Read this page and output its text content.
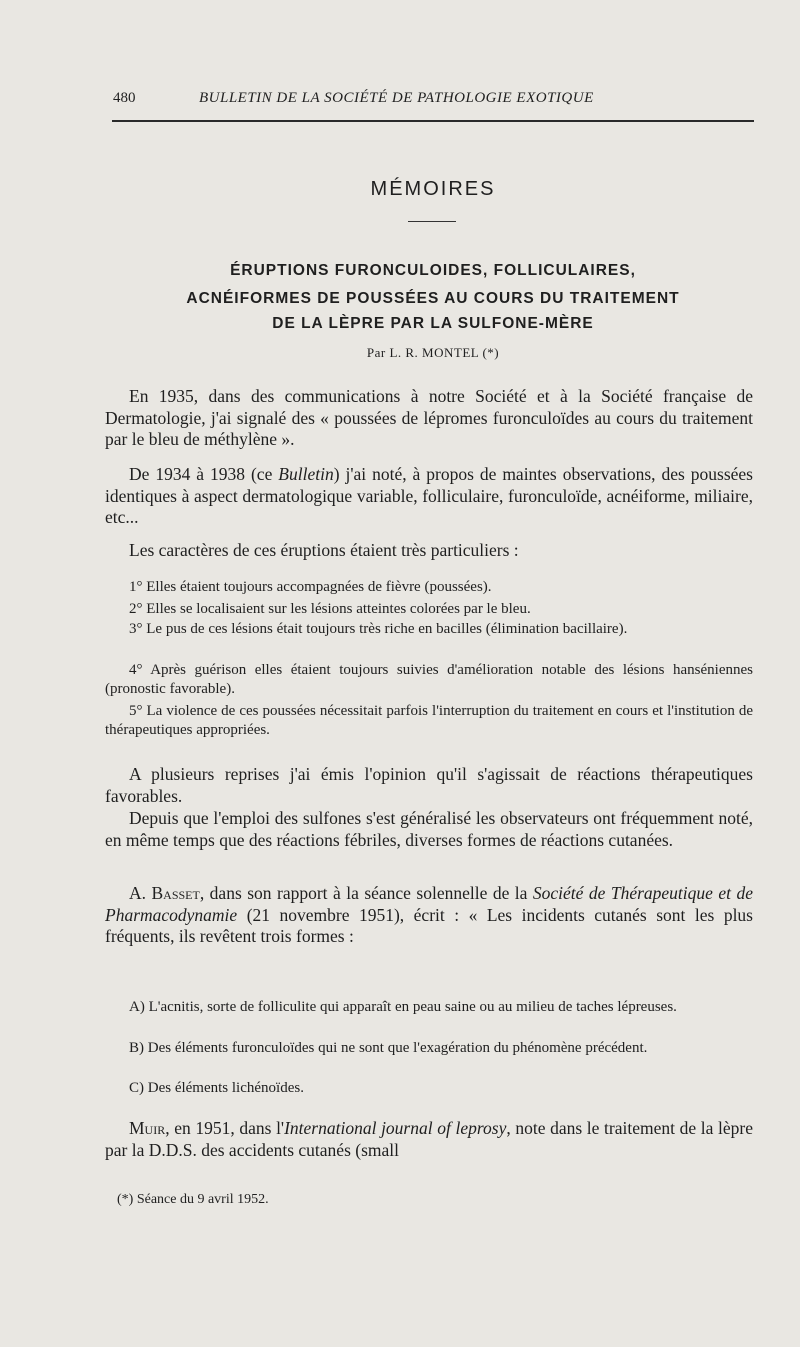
480	BULLETIN DE LA SOCIÉTÉ DE PATHOLOGIE EXOTIQUE
MÉMOIRES
ÉRUPTIONS FURONCULOIDES, FOLLICULAIRES,
ACNÉIFORMES DE POUSSÉES AU COURS DU TRAITEMENT
DE LA LÈPRE PAR LA SULFONE-MÈRE
Par L. R. MONTEL (*)

En 1935, dans des communications à notre Société et à la Société française de Dermatologie, j'ai signalé des « poussées de lépromes furonculoïdes au cours du traitement par le bleu de méthylène ».

De 1934 à 1938 (ce Bulletin) j'ai noté, à propos de maintes observations, des poussées identiques à aspect dermatologique variable, folliculaire, furonculoïde, acnéiforme, miliaire, etc...

Les caractères de ces éruptions étaient très particuliers :

1° Elles étaient toujours accompagnées de fièvre (poussées).

2° Elles se localisaient sur les lésions atteintes colorées par le bleu.

3° Le pus de ces lésions était toujours très riche en bacilles (élimination bacillaire).

4° Après guérison elles étaient toujours suivies d'amélioration notable des lésions hanséniennes (pronostic favorable).

5° La violence de ces poussées nécessitait parfois l'interruption du traitement en cours et l'institution de thérapeutiques appropriées.

A plusieurs reprises j'ai émis l'opinion qu'il s'agissait de réactions thérapeutiques favorables.

Depuis que l'emploi des sulfones s'est généralisé les observateurs ont fréquemment noté, en même temps que des réactions fébriles, diverses formes de réactions cutanées.

A. Basset, dans son rapport à la séance solennelle de la Société de Thérapeutique et de Pharmacodynamie (21 novembre 1951), écrit : « Les incidents cutanés sont les plus fréquents, ils revêtent trois formes :

A) L'acnitis, sorte de folliculite qui apparaît en peau saine ou au milieu de taches lépreuses.

B) Des éléments furonculoïdes qui ne sont que l'exagération du phénomène précédent.

C) Des éléments lichénoïdes.

Muir, en 1951, dans l'International journal of leprosy, note dans le traitement de la lèpre par la D.D.S. des accidents cutanés (small

(*) Séance du 9 avril 1952.
